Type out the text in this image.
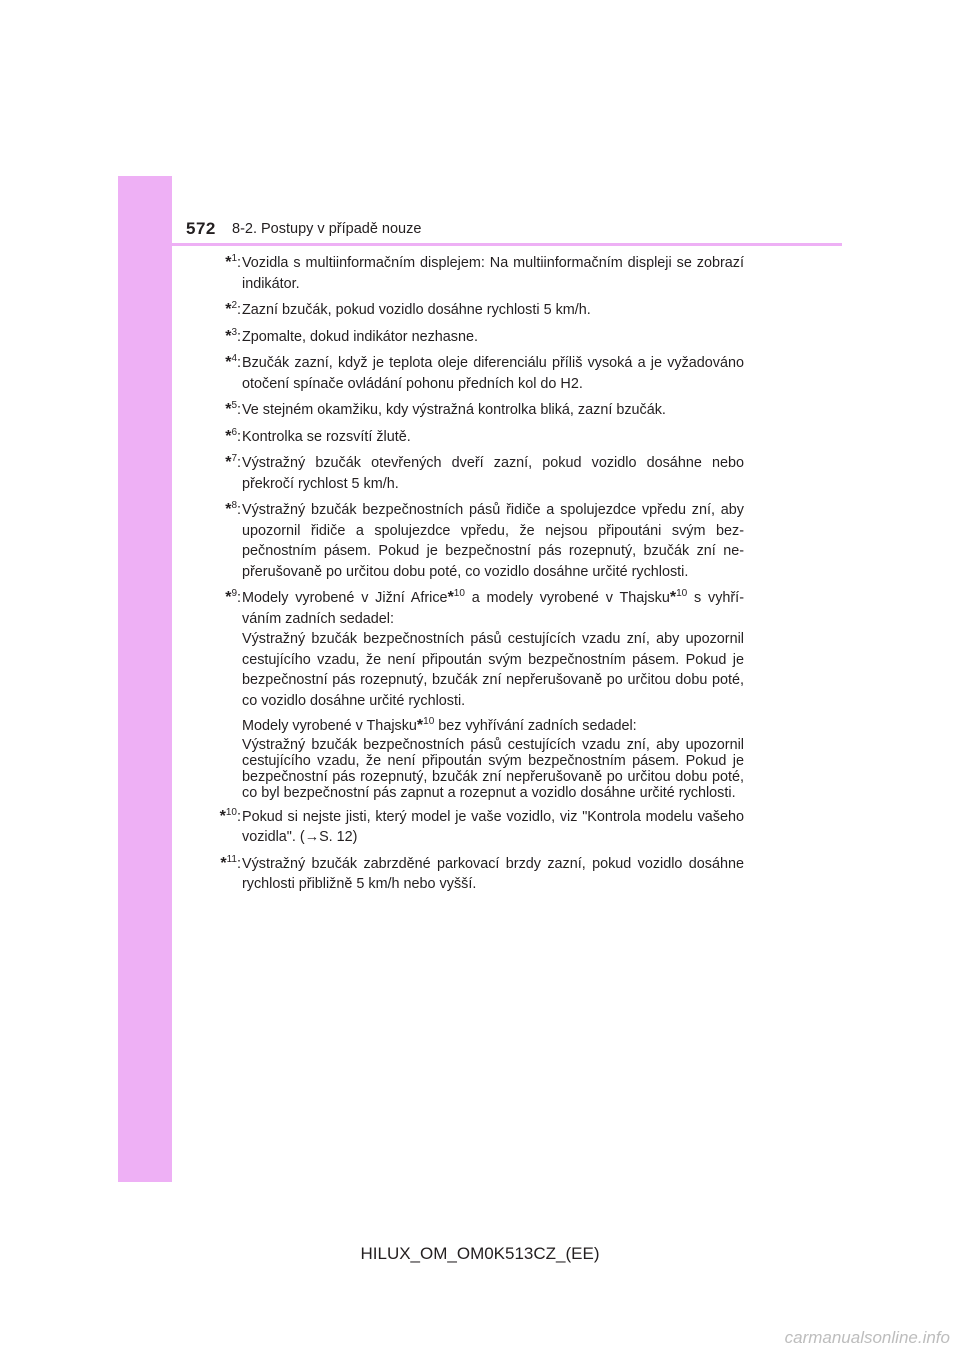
572 8-2. Postupy v případě nouze
*$^1$: Vozidla s multiinformačním displejem: Na multiinformačním displeji se zobrazí indikátor.

*$^2$: Zazní bzučák, pokud vozidlo dosáhne rychlosti 5 km/h.

*$^3$: Zpomalte, dokud indikátor nezhasne.

*$^4$: Bzučák zazní, když je teplota oleje diferenciálu příliš vysoká a je vyžadováno otočení spínače ovládání pohonu předních kol do H2.

*$^5$: Ve stejném okamžiku, kdy výstražná kontrolka bliká, zazní bzučák.

*$^6$: Kontrolka se rozsvítí žlutě.

*$^7$: Výstražný bzučák otevřených dveří zazní, pokud vozidlo dosáhne nebo překročí rychlost 5 km/h.

*$^8$: Výstražný bzučák bezpečnostních pásů řidiče a spolujezdce vpředu zní, aby upozornil řidiče a spolujezdce vpředu, že nejsou připoutáni svým bezpečnostním pásem. Pokud je bezpečnostní pás rozepnutý, bzučák zní nepřerušovaně po určitou dobu poté, co vozidlo dosáhne určité rychlosti.

*$^9$: Modely vyrobené v Jižní Africe*$^{10}$ a modely vyrobené v Thajsku*$^{10}$ s vyhříváním zadních sedadel:

Výstražný bzučák bezpečnostních pásů cestujících vzadu zní, aby upozornil cestujícího vzadu, že není připoután svým bezpečnostním pásem. Pokud je bezpečnostní pás rozepnutý, bzučák zní nepřerušovaně po určitou dobu poté, co vozidlo dosáhne určité rychlosti.

Modely vyrobené v Thajsku*$^{10}$ bez vyhřívání zadních sedadel:

Výstražný bzučák bezpečnostních pásů cestujících vzadu zní, aby upozornil cestujícího vzadu, že není připoután svým bezpečnostním pásem. Pokud je bezpečnostní pás rozepnutý, bzučák zní nepřerušovaně po určitou dobu poté, co byl bezpečnostní pás zapnut a rozepnut a vozidlo dosáhne určité rychlosti.

*$^{10}$: Pokud si nejste jisti, který model je vaše vozidlo, viz "Kontrola modelu vašeho vozidla". (→S. 12)

*$^{11}$: Výstražný bzučák zabrzděné parkovací brzdy zazní, pokud vozidlo dosáhne rychlosti přibližně 5 km/h nebo vyšší.

HILUX_OM_OM0K513CZ_(EE)
carmanualsonline.info
